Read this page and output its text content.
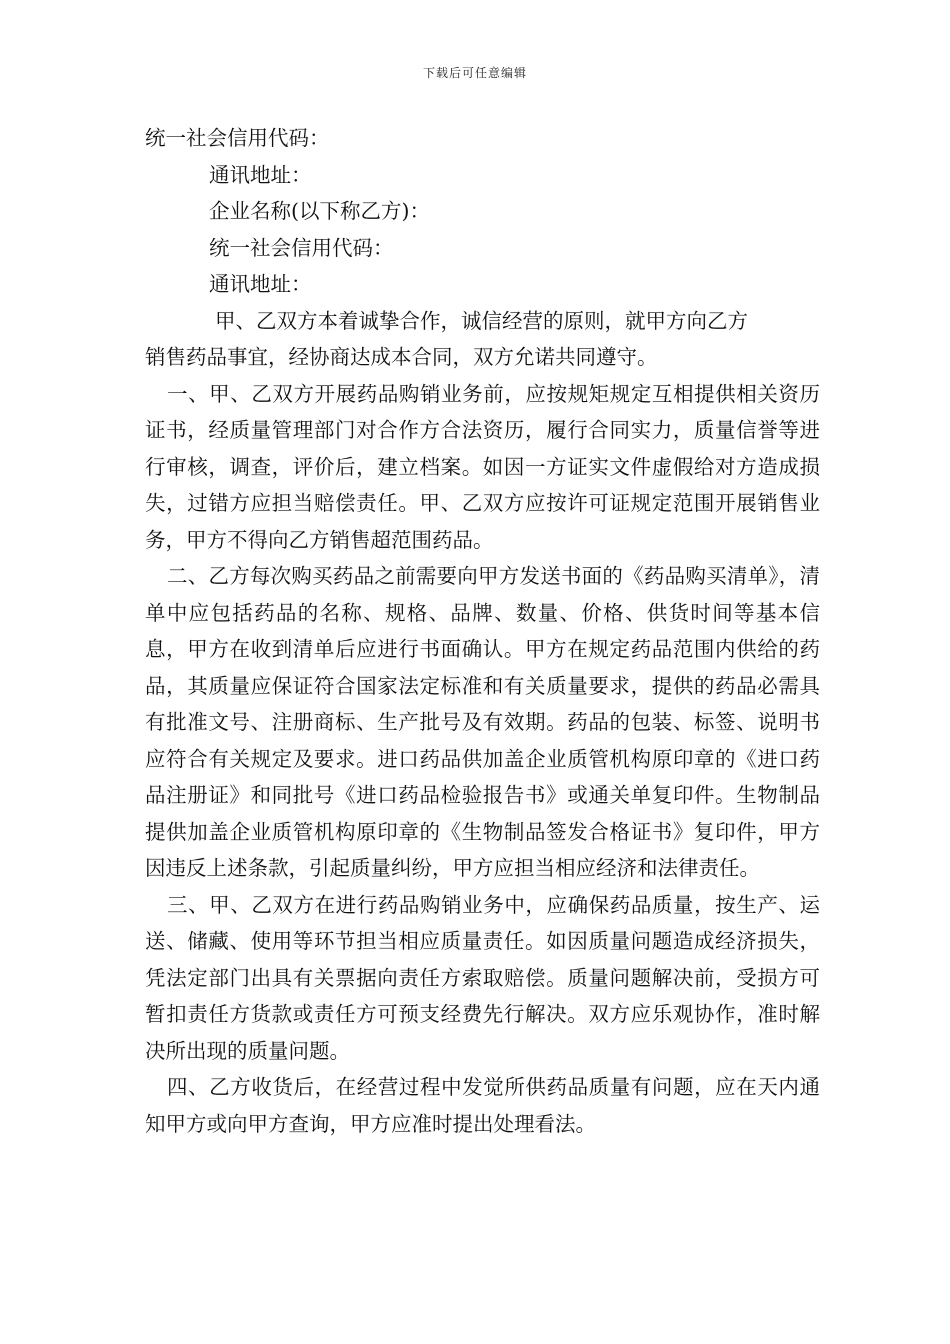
下载后可任意编辑

统一社会信用代码：

通讯地址：

企业名称(以下称乙方)：

统一社会信用代码：

通讯地址：

甲、乙双方本着诚挚合作，诚信经营的原则，就甲方向乙方

销售药品事宜，经协商达成本合同，双方允诺共同遵守。

一、甲、乙双方开展药品购销业务前，应按规矩规定互相提供相关资历证书，经质量管理部门对合作方合法资历，履行合同实力，质量信誉等进行审核，调查，评价后，建立档案。如因一方证实文件虚假给对方造成损失，过错方应担当赔偿责任。甲、乙双方应按许可证规定范围开展销售业务，甲方不得向乙方销售超范围药品。

二、乙方每次购买药品之前需要向甲方发送书面的《药品购买清单》，清单中应包括药品的名称、规格、品牌、数量、价格、供货时间等基本信息，甲方在收到清单后应进行书面确认。甲方在规定药品范围内供给的药品，其质量应保证符合国家法定标准和有关质量要求，提供的药品必需具有批准文号、注册商标、生产批号及有效期。药品的包装、标签、说明书应符合有关规定及要求。进口药品供加盖企业质管机构原印章的《进口药品注册证》和同批号《进口药品检验报告书》或通关单复印件。生物制品提供加盖企业质管机构原印章的《生物制品签发合格证书》复印件，甲方因违反上述条款，引起质量纠纷，甲方应担当相应经济和法律责任。

三、甲、乙双方在进行药品购销业务中，应确保药品质量，按生产、运送、储藏、使用等环节担当相应质量责任。如因质量问题造成经济损失，凭法定部门出具有关票据向责任方索取赔偿。质量问题解决前，受损方可暂扣责任方货款或责任方可预支经费先行解决。双方应乐观协作，准时解决所出现的质量问题。

四、乙方收货后，在经营过程中发觉所供药品质量有问题，应在天内通知甲方或向甲方查询，甲方应准时提出处理看法。
